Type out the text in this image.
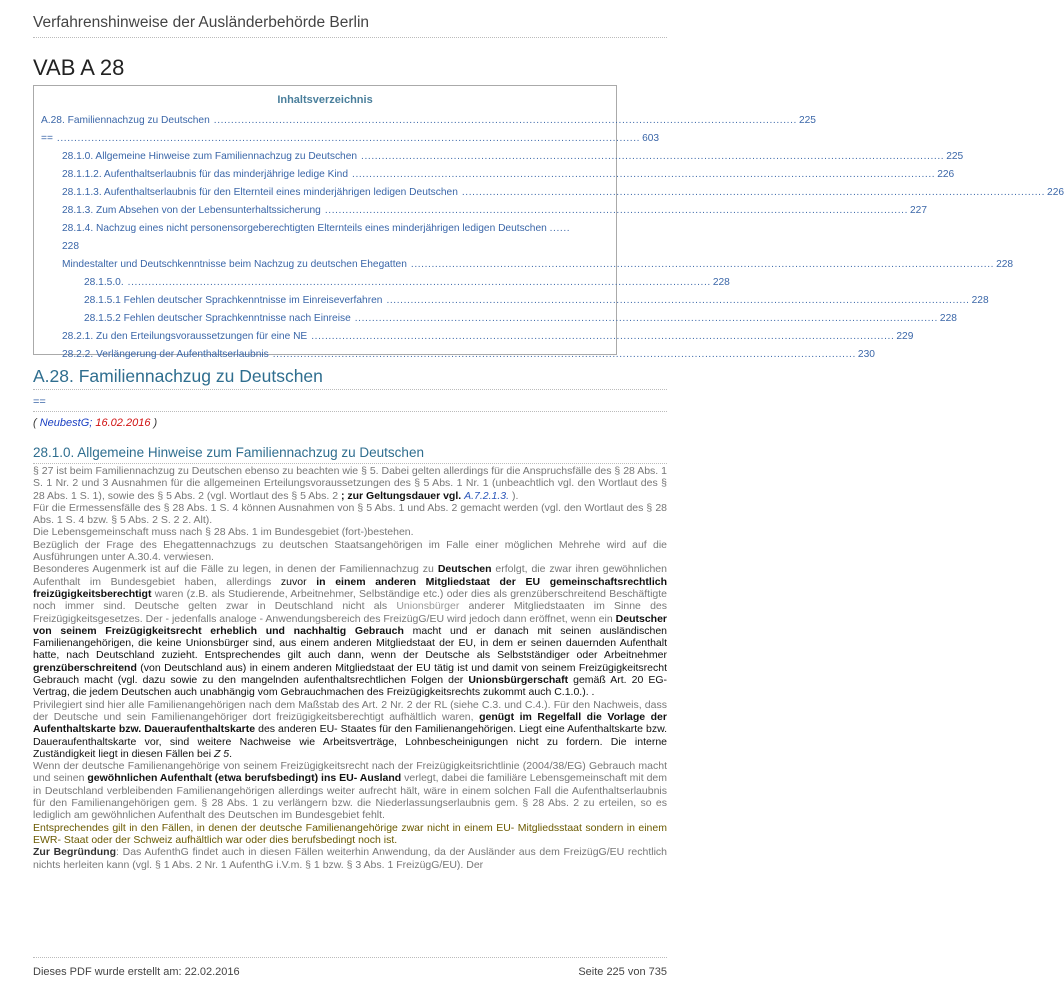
Verfahrenshinweise der Ausländerbehörde Berlin
VAB A 28
Inhaltsverzeichnis
A.28. Familiennachzug zu Deutschen .......................................................................................................................................................................... 225
== .......................................................................................................................................................................... 603
28.1.0. Allgemeine Hinweise zum Familiennachzug zu Deutschen .......................................................................................................................................................................... 225
28.1.1.2. Aufenthaltserlaubnis für das minderjährige ledige Kind .......................................................................................................................................................................... 226
28.1.1.3. Aufenthaltserlaubnis für den Elternteil eines minderjährigen ledigen Deutschen .......................................................................................................................................................................... 226
28.1.3. Zum Absehen von der Lebensunterhaltssicherung .......................................................................................................................................................................... 227
28.1.4. Nachzug eines nicht personensorgeberechtigten Elternteils eines minderjährigen ledigen Deutschen ......
228
Mindestalter und Deutschkenntnisse beim Nachzug zu deutschen Ehegatten .......................................................................................................................................................................... 228
28.1.5.0. .......................................................................................................................................................................... 228
28.1.5.1 Fehlen deutscher Sprachkenntnisse im Einreiseverfahren .......................................................................................................................................................................... 228
28.1.5.2 Fehlen deutscher Sprachkenntnisse nach Einreise .......................................................................................................................................................................... 228
28.2.1. Zu den Erteilungsvoraussetzungen für eine NE .......................................................................................................................................................................... 229
28.2.2. Verlängerung der Aufenthaltserlaubnis .......................................................................................................................................................................... 230
A.28. Familiennachzug zu Deutschen
==
( NeubestG; 16.02.2016 )
28.1.0. Allgemeine Hinweise zum Familiennachzug zu Deutschen

§ 27 ist beim Familiennachzug zu Deutschen ebenso zu beachten wie § 5. Dabei gelten allerdings für die Anspruchsfälle des § 28 Abs. 1 S. 1 Nr. 2 und 3 Ausnahmen für die allgemeinen Erteilungsvoraussetzungen des § 5 Abs. 1 Nr. 1 (unbeachtlich vgl. den Wortlaut des § 28 Abs. 1 S. 1), sowie des § 5 Abs. 2 (vgl. Wortlaut des § 5 Abs. 2 ; zur Geltungsdauer vgl. A.7.2.1.3. ).

Für die Ermessensfälle des § 28 Abs. 1 S. 4 können Ausnahmen von § 5 Abs. 1 und Abs. 2 gemacht werden (vgl. den Wortlaut des § 28 Abs. 1 S. 4 bzw. § 5 Abs. 2 S. 2 2. Alt).

Die Lebensgemeinschaft muss nach § 28 Abs. 1 im Bundesgebiet (fort-)bestehen.

Bezüglich der Frage des Ehegattennachzugs zu deutschen Staatsangehörigen im Falle einer möglichen Mehrehe wird auf die Ausführungen unter A.30.4. verwiesen.

Besonderes Augenmerk ist auf die Fälle zu legen, in denen der Familiennachzug zu Deutschen erfolgt, die zwar ihren gewöhnlichen Aufenthalt im Bundesgebiet haben, allerdings zuvor in einem anderen Mitgliedstaat der EU gemeinschaftsrechtlich freizügigkeitsberechtigt waren (z.B. als Studierende, Arbeitnehmer, Selbständige etc.) oder dies als grenzüberschreitend Beschäftigte noch immer sind. Deutsche gelten zwar in Deutschland nicht als Unionsbürger anderer Mitgliedstaaten im Sinne des Freizügigkeitsgesetzes. Der - jedenfalls analoge - Anwendungsbereich des FreizügG/EU wird jedoch dann eröffnet, wenn ein Deutscher von seinem Freizügigkeitsrecht erheblich und nachhaltig Gebrauch macht und er danach mit seinen ausländischen Familienangehörigen, die keine Unionsbürger sind, aus einem anderen Mitgliedstaat der EU, in dem er seinen dauernden Aufenthalt hatte, nach Deutschland zuzieht. Entsprechendes gilt auch dann, wenn der Deutsche als Selbstständiger oder Arbeitnehmer grenzüberschreitend (von Deutschland aus) in einem anderen Mitgliedstaat der EU tätig ist und damit von seinem Freizügigkeitsrecht Gebrauch macht (vgl. dazu sowie zu den mangelnden aufenthaltsrechtlichen Folgen der Unionsbürgerschaft gemäß Art. 20 EG-Vertrag, die jedem Deutschen auch unabhängig vom Gebrauchmachen des Freizügigkeitsrechts zukommt auch C.1.0.). .

Privilegiert sind hier alle Familienangehörigen nach dem Maßstab des Art. 2 Nr. 2 der RL (siehe C.3. und C.4.). Für den Nachweis, dass der Deutsche und sein Familienangehöriger dort freizügigkeitsberechtigt aufhältlich waren, genügt im Regelfall die Vorlage der Aufenthaltskarte bzw. Daueraufenthaltskarte des anderen EU- Staates für den Familienangehörigen. Liegt eine Aufenthaltskarte bzw. Daueraufenthaltskarte vor, sind weitere Nachweise wie Arbeitsverträge, Lohnbescheinigungen nicht zu fordern. Die interne Zuständigkeit liegt in diesen Fällen bei Z 5.

Wenn der deutsche Familienangehörige von seinem Freizügigkeitsrecht nach der Freizügigkeitsrichtlinie (2004/38/EG) Gebrauch macht und seinen gewöhnlichen Aufenthalt (etwa berufsbedingt) ins EU- Ausland verlegt, dabei die familiäre Lebensgemeinschaft mit dem in Deutschland verbleibenden Familienangehörigen allerdings weiter aufrecht hält, wäre in einem solchen Fall die Aufenthaltserlaubnis für den Familienangehörigen gem. § 28 Abs. 1 zu verlängern bzw. die Niederlassungserlaubnis gem. § 28 Abs. 2 zu erteilen, so es lediglich am gewöhnlichen Aufenthalt des Deutschen im Bundesgebiet fehlt.

Entsprechendes gilt in den Fällen, in denen der deutsche Familienangehörige zwar nicht in einem EU- Mitgliedsstaat sondern in einem EWR- Staat oder der Schweiz aufhältlich war oder dies berufsbedingt noch ist.

Zur Begründung: Das AufenthG findet auch in diesen Fällen weiterhin Anwendung, da der Ausländer aus dem FreizügG/EU rechtlich nichts herleiten kann (vgl. § 1 Abs. 2 Nr. 1 AufenthG i.V.m. § 1 bzw. § 3 Abs. 1 FreizügG/EU). Der

Dieses PDF wurde erstellt am: 22.02.2016	Seite 225 von 735
